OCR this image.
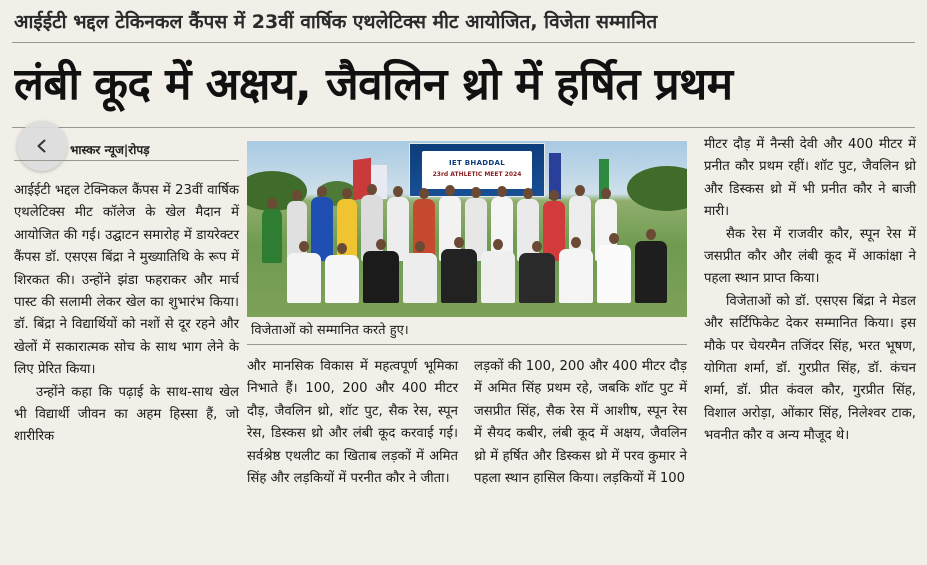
आईईटी भद्दल टेकिनकल कैंपस में 23वीं वार्षिक एथलेटिक्स मीट आयोजित, विजेता सम्मानित
लंबी कूद में अक्षय, जैवलिन थ्रो में हर्षित प्रथम
भास्कर न्यूज|रोपड़

आईईटी भद्दल टेक्निकल कैंपस में 23वीं वार्षिक एथलेटिक्स मीट कॉलेज के खेल मैदान में आयोजित की गई। उद्घाटन समारोह में डायरेक्टर कैंपस डॉ. एसएस बिंद्रा ने मुख्यातिथि के रूप में शिरकत की। उन्होंने झंडा फहराकर और मार्च पास्ट की सलामी लेकर खेल का शुभारंभ किया। डॉ. बिंद्रा ने विद्यार्थियों को नशों से दूर रहने और खेलों में सकारात्मक सोच के साथ भाग लेने के लिए प्रेरित किया।

उन्होंने कहा कि पढ़ाई के साथ-साथ खेल भी विद्यार्थी जीवन का अहम हिस्सा हैं, जो शारीरिक

IET BHADDAL
23rd ATHLETIC MEET 2024
विजेताओं को सम्मानित करते हुए।

और मानसिक विकास में महत्वपूर्ण भूमिका निभाते हैं। 100, 200 और 400 मीटर दौड़, जैवलिन थ्रो, शॉट पुट, सैक रेस, स्पून रेस, डिस्कस थ्रो और लंबी कूद करवाई गई। सर्वश्रेष्ठ एथलीट का खिताब लड़कों में अमित सिंह और लड़कियों में परनीत कौर ने जीता।

लड़कों की 100, 200 और 400 मीटर दौड़ में अमित सिंह प्रथम रहे, जबकि शॉट पुट में जसप्रीत सिंह, सैक रेस में आशीष, स्पून रेस में सैयद कबीर, लंबी कूद में अक्षय, जैवलिन थ्रो में हर्षित और डिस्कस थ्रो में परव कुमार ने पहला स्थान हासिल किया। लड़कियों में 100

मीटर दौड़ में नैन्सी देवी और 400 मीटर में प्रनीत कौर प्रथम रहीं। शॉट पुट, जैवलिन थ्रो और डिस्कस थ्रो में भी प्रनीत कौर ने बाजी मारी।

सैक रेस में राजवीर कौर, स्पून रेस में जसप्रीत कौर और लंबी कूद में आकांक्षा ने पहला स्थान प्राप्त किया।

विजेताओं को डॉ. एसएस बिंद्रा ने मेडल और सर्टिफिकेट देकर सम्मानित किया। इस मौके पर चेयरमैन तजिंदर सिंह, भरत भूषण, योगिता शर्मा, डॉ. गुरप्रीत सिंह, डॉ. कंचन शर्मा, डॉ. प्रीत कंवल कौर, गुरप्रीत सिंह, विशाल अरोड़ा, ओंकार सिंह, निलेश्वर टाक, भवनीत कौर व अन्य मौजूद थे।
